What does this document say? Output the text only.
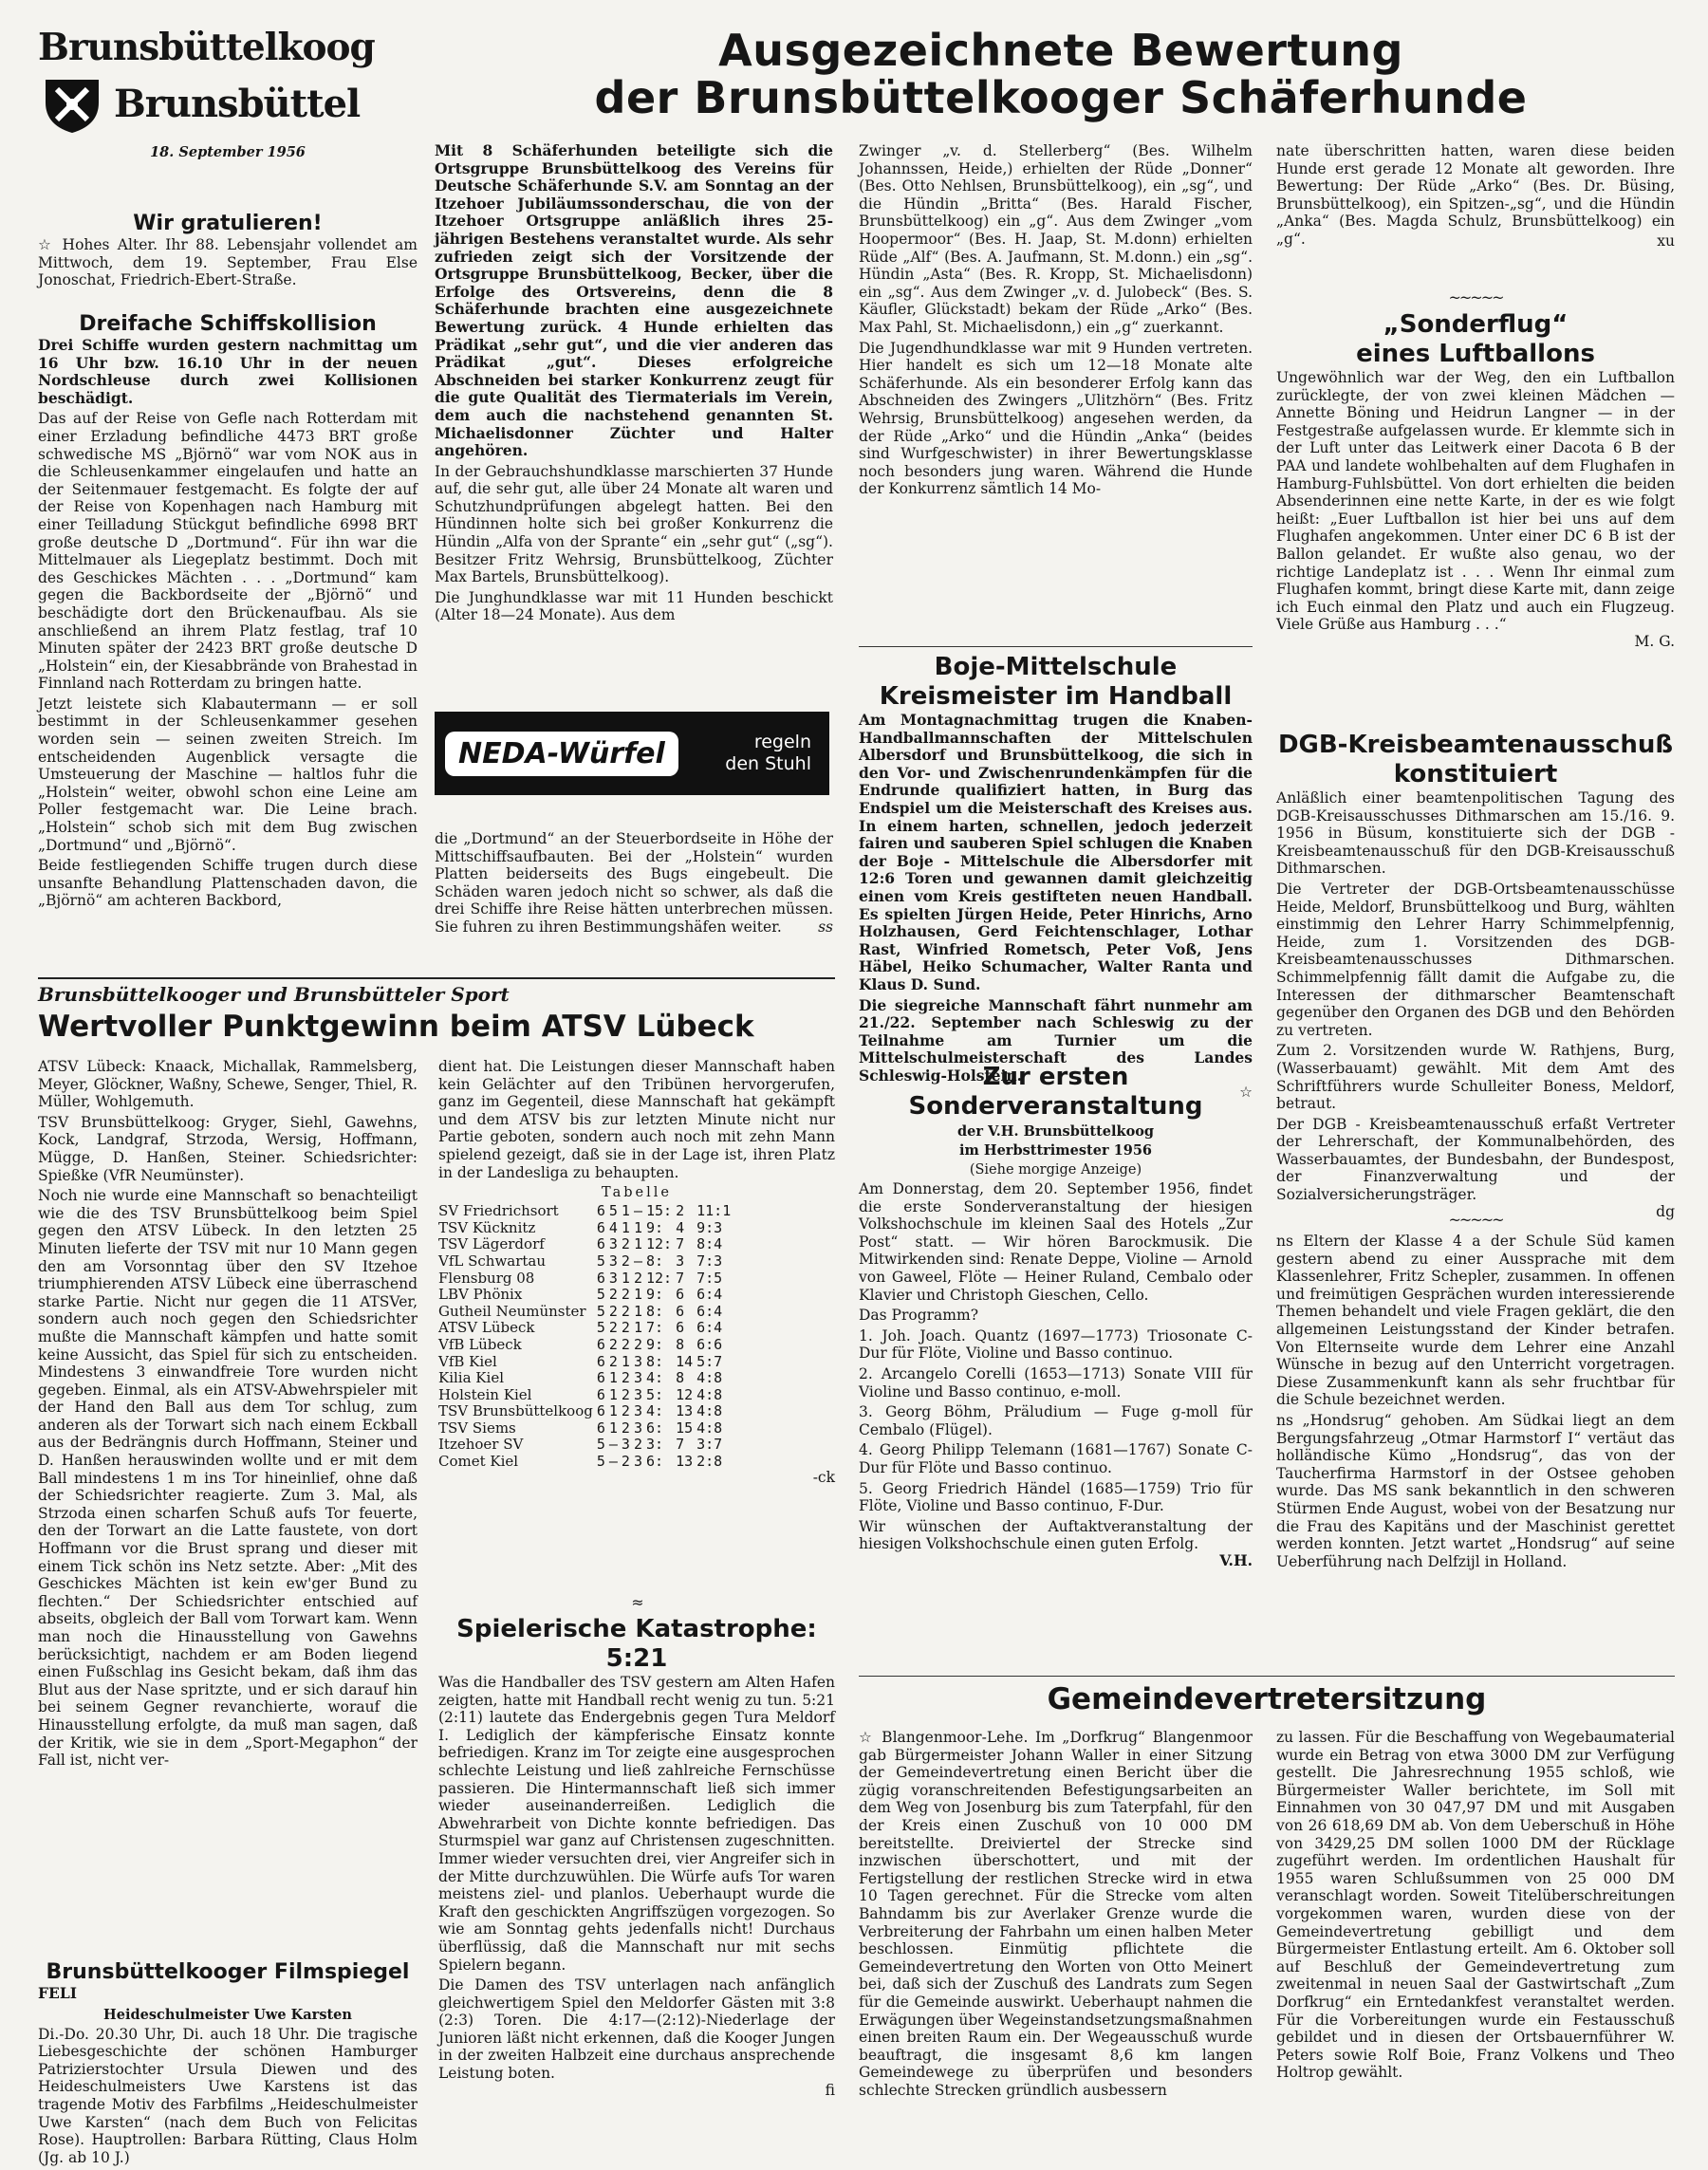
Brunsbüttelkoog
Brunsbüttel
18. September 1956
Wir gratulieren!

☆ Hohes Alter. Ihr 88. Lebensjahr vollendet am Mittwoch, dem 19. September, Frau Else Jonoschat, Friedrich-Ebert-Straße.

Dreifache Schiffskollision

Drei Schiffe wurden gestern nachmittag um 16 Uhr bzw. 16.10 Uhr in der neuen Nordschleuse durch zwei Kollisionen beschädigt.

Das auf der Reise von Gefle nach Rotterdam mit einer Erzladung befindliche 4473 BRT große schwedische MS „Björnö“ war vom NOK aus in die Schleusenkammer eingelaufen und hatte an der Seitenmauer festgemacht. Es folgte der auf der Reise von Kopenhagen nach Hamburg mit einer Teilladung Stückgut befindliche 6998 BRT große deutsche D „Dortmund“. Für ihn war die Mittelmauer als Liegeplatz bestimmt. Doch mit des Geschickes Mächten . . . „Dortmund“ kam gegen die Backbordseite der „Björnö“ und beschädigte dort den Brückenaufbau. Als sie anschließend an ihrem Platz festlag, traf 10 Minuten später der 2423 BRT große deutsche D „Holstein“ ein, der Kiesabbrände von Brahestad in Finnland nach Rotterdam zu bringen hatte.

Jetzt leistete sich Klabautermann — er soll bestimmt in der Schleusenkammer gesehen worden sein — seinen zweiten Streich. Im entscheidenden Augenblick versagte die Umsteuerung der Maschine — haltlos fuhr die „Holstein“ weiter, obwohl schon eine Leine am Poller festgemacht war. Die Leine brach. „Holstein“ schob sich mit dem Bug zwischen „Dortmund“ und „Björnö“.

Beide festliegenden Schiffe trugen durch diese unsanfte Behandlung Plattenschaden davon, die „Björnö“ am achteren Backbord,

Ausgezeichnete Bewertung
der Brunsbüttelkooger Schäferhunde

Mit 8 Schäferhunden beteiligte sich die Ortsgruppe Brunsbüttelkoog des Vereins für Deutsche Schäferhunde S.V. am Sonntag an der Itzehoer Jubiläumssonderschau, die von der Itzehoer Ortsgruppe anläßlich ihres 25-jährigen Bestehens veranstaltet wurde. Als sehr zufrieden zeigt sich der Vorsitzende der Ortsgruppe Brunsbüttelkoog, Becker, über die Erfolge des Ortsvereins, denn die 8 Schäferhunde brachten eine ausgezeichnete Bewertung zurück. 4 Hunde erhielten das Prädikat „sehr gut“, und die vier anderen das Prädikat „gut“. Dieses erfolgreiche Abschneiden bei starker Konkurrenz zeugt für die gute Qualität des Tiermaterials im Verein, dem auch die nachstehend genannten St. Michaelisdonner Züchter und Halter angehören.

In der Gebrauchshundklasse marschierten 37 Hunde auf, die sehr gut, alle über 24 Monate alt waren und Schutzhundprüfungen abgelegt hatten. Bei den Hündinnen holte sich bei großer Konkurrenz die Hündin „Alfa von der Sprante“ ein „sehr gut“ („sg“). Besitzer Fritz Wehrsig, Brunsbüttelkoog, Züchter Max Bartels, Brunsbüttelkoog).

Die Junghundklasse war mit 11 Hunden beschickt (Alter 18—24 Monate). Aus dem

NEDA-Würfel	regeln
den Stuhl

die „Dortmund“ an der Steuerbordseite in Höhe der Mittschiffsaufbauten. Bei der „Holstein“ wurden Platten beiderseits des Bugs eingebeult. Die Schäden waren jedoch nicht so schwer, als daß die drei Schiffe ihre Reise hätten unterbrechen müssen. Sie fuhren zu ihren Bestimmungshäfen weiter.	ss

Zwinger „v. d. Stellerberg“ (Bes. Wilhelm Johannssen, Heide,) erhielten der Rüde „Donner“ (Bes. Otto Nehlsen, Brunsbüttelkoog), ein „sg“, und die Hündin „Britta“ (Bes. Harald Fischer, Brunsbüttelkoog) ein „g“. Aus dem Zwinger „vom Hoopermoor“ (Bes. H. Jaap, St. M.donn) erhielten Rüde „Alf“ (Bes. A. Jaufmann, St. M.donn.) ein „sg“. Hündin „Asta“ (Bes. R. Kropp, St. Michaelisdonn) ein „sg“. Aus dem Zwinger „v. d. Julobeck“ (Bes. S. Käufler, Glückstadt) bekam der Rüde „Arko“ (Bes. Max Pahl, St. Michaelisdonn,) ein „g“ zuerkannt.

Die Jugendhundklasse war mit 9 Hunden vertreten. Hier handelt es sich um 12—18 Monate alte Schäferhunde. Als ein besonderer Erfolg kann das Abschneiden des Zwingers „Ulitzhörn“ (Bes. Fritz Wehrsig, Brunsbüttelkoog) angesehen werden, da der Rüde „Arko“ und die Hündin „Anka“ (beides sind Wurfgeschwister) in ihrer Bewertungsklasse noch besonders jung waren. Während die Hunde der Konkurrenz sämtlich 14 Mo-

nate überschritten hatten, waren diese beiden Hunde erst gerade 12 Monate alt geworden. Ihre Bewertung: Der Rüde „Arko“ (Bes. Dr. Büsing, Brunsbüttelkoog), ein Spitzen-„sg“, und die Hündin „Anka“ (Bes. Magda Schulz, Brunsbüttelkoog) ein „g“.	xu

Boje-Mittelschule
Kreismeister im Handball

Am Montagnachmittag trugen die Knaben-Handballmannschaften der Mittelschulen Albersdorf und Brunsbüttelkoog, die sich in den Vor- und Zwischenrundenkämpfen für die Endrunde qualifiziert hatten, in Burg das Endspiel um die Meisterschaft des Kreises aus. In einem harten, schnellen, jedoch jederzeit fairen und sauberen Spiel schlugen die Knaben der Boje - Mittelschule die Albersdorfer mit 12:6 Toren und gewannen damit gleichzeitig einen vom Kreis gestifteten neuen Handball. Es spielten Jürgen Heide, Peter Hinrichs, Arno Holzhausen, Gerd Feichtenschlager, Lothar Rast, Winfried Rometsch, Peter Voß, Jens Häbel, Heiko Schumacher, Walter Ranta und Klaus D. Sund.

Die siegreiche Mannschaft fährt nunmehr am 21./22. September nach Schleswig zu der Teilnahme am Turnier um die Mittelschulmeisterschaft des Landes Schleswig-Holstein.

☆

~~~~~
„Sonderflug“
eines Luftballons

Ungewöhnlich war der Weg, den ein Luftballon zurücklegte, der von zwei kleinen Mädchen — Annette Böning und Heidrun Langner — in der Festgestraße aufgelassen wurde. Er klemmte sich in der Luft unter das Leitwerk einer Dacota 6 B der PAA und landete wohlbehalten auf dem Flughafen in Hamburg-Fuhlsbüttel. Von dort erhielten die beiden Absenderinnen eine nette Karte, in der es wie folgt heißt: „Euer Luftballon ist hier bei uns auf dem Flughafen angekommen. Unter einer DC 6 B ist der Ballon gelandet. Er wußte also genau, wo der richtige Landeplatz ist . . . Wenn Ihr einmal zum Flughafen kommt, bringt diese Karte mit, dann zeige ich Euch einmal den Platz und auch ein Flugzeug. Viele Grüße aus Hamburg . . .“

M. G.

DGB-Kreisbeamtenausschuß
konstituiert

Anläßlich einer beamtenpolitischen Tagung des DGB-Kreisausschusses Dithmarschen am 15./16. 9. 1956 in Büsum, konstituierte sich der DGB - Kreisbeamtenausschuß für den DGB-Kreisausschuß Dithmarschen.

Die Vertreter der DGB-Ortsbeamtenausschüsse Heide, Meldorf, Brunsbüttelkoog und Burg, wählten einstimmig den Lehrer Harry Schimmelpfennig, Heide, zum 1. Vorsitzenden des DGB-Kreisbeamtenausschusses Dithmarschen. Schimmelpfennig fällt damit die Aufgabe zu, die Interessen der dithmarscher Beamtenschaft gegenüber den Organen des DGB und den Behörden zu vertreten.

Zum 2. Vorsitzenden wurde W. Rathjens, Burg, (Wasserbauamt) gewählt. Mit dem Amt des Schriftführers wurde Schulleiter Boness, Meldorf, betraut.

Der DGB - Kreisbeamtenausschuß erfaßt Vertreter der Lehrerschaft, der Kommunalbehörden, des Wasserbauamtes, der Bundesbahn, der Bundespost, der Finanzverwaltung und der Sozialversicherungsträger.

dg

~~~~~

ns Eltern der Klasse 4 a der Schule Süd kamen gestern abend zu einer Aussprache mit dem Klassenlehrer, Fritz Schepler, zusammen. In offenen und freimütigen Gesprächen wurden interessierende Themen behandelt und viele Fragen geklärt, die den allgemeinen Leistungsstand der Kinder betrafen. Von Elternseite wurde dem Lehrer eine Anzahl Wünsche in bezug auf den Unterricht vorgetragen. Diese Zusammenkunft kann als sehr fruchtbar für die Schule bezeichnet werden.

ns „Hondsrug“ gehoben. Am Südkai liegt an dem Bergungsfahrzeug „Otmar Harmstorf I“ vertäut das holländische Kümo „Hondsrug“, das von der Taucherfirma Harmstorf in der Ostsee gehoben wurde. Das MS sank bekanntlich in den schweren Stürmen Ende August, wobei von der Besatzung nur die Frau des Kapitäns und der Maschinist gerettet werden konnten. Jetzt wartet „Hondsrug“ auf seine Ueberführung nach Delfzijl in Holland.

Brunsbüttelkooger und Brunsbütteler Sport
Wertvoller Punktgewinn beim ATSV Lübeck

ATSV Lübeck: Knaack, Michallak, Rammelsberg, Meyer, Glöckner, Waßny, Schewe, Senger, Thiel, R. Müller, Wohlgemuth.

TSV Brunsbüttelkoog: Gryger, Siehl, Gawehns, Kock, Landgraf, Strzoda, Wersig, Hoffmann, Mügge, D. Hanßen, Steiner. Schiedsrichter: Spießke (VfR Neumünster).

Noch nie wurde eine Mannschaft so benachteiligt wie die des TSV Brunsbüttelkoog beim Spiel gegen den ATSV Lübeck. In den letzten 25 Minuten lieferte der TSV mit nur 10 Mann gegen den am Vorsonntag über den SV Itzehoe triumphierenden ATSV Lübeck eine überraschend starke Partie. Nicht nur gegen die 11 ATSVer, sondern auch noch gegen den Schiedsrichter mußte die Mannschaft kämpfen und hatte somit keine Aussicht, das Spiel für sich zu entscheiden. Mindestens 3 einwandfreie Tore wurden nicht gegeben. Einmal, als ein ATSV-Abwehrspieler mit der Hand den Ball aus dem Tor schlug, zum anderen als der Torwart sich nach einem Eckball aus der Bedrängnis durch Hoffmann, Steiner und D. Hanßen herauswinden wollte und er mit dem Ball mindestens 1 m ins Tor hineinlief, ohne daß der Schiedsrichter reagierte. Zum 3. Mal, als Strzoda einen scharfen Schuß aufs Tor feuerte, den der Torwart an die Latte faustete, von dort Hoffmann vor die Brust sprang und dieser mit einem Tick schön ins Netz setzte. Aber: „Mit des Geschickes Mächten ist kein ew'ger Bund zu flechten.“ Der Schiedsrichter entschied auf abseits, obgleich der Ball vom Torwart kam. Wenn man noch die Hinausstellung von Gawehns berücksichtigt, nachdem er am Boden liegend einen Fußschlag ins Gesicht bekam, daß ihm das Blut aus der Nase spritzte, und er sich darauf hin bei seinem Gegner revanchierte, worauf die Hinausstellung erfolgte, da muß man sagen, daß der Kritik, wie sie in dem „Sport-Megaphon“ der Fall ist, nicht ver-

dient hat. Die Leistungen dieser Mannschaft haben kein Gelächter auf den Tribünen hervorgerufen, ganz im Gegenteil, diese Mannschaft hat gekämpft und dem ATSV bis zur letzten Minute nicht nur Partie geboten, sondern auch noch mit zehn Mann spielend gezeigt, daß sie in der Lage ist, ihren Platz in der Landesliga zu behaupten.

Tabelle
SV Friedrichsort	6	5	1	—	15:	2	11:1
TSV Kücknitz	6	4	1	1	9:	4	9:3
TSV Lägerdorf	6	3	2	1	12:	7	8:4
VfL Schwartau	5	3	2	—	8:	3	7:3
Flensburg 08	6	3	1	2	12:	7	7:5
LBV Phönix	5	2	2	1	9:	6	6:4
Gutheil Neumünster	5	2	2	1	8:	6	6:4
ATSV Lübeck	5	2	2	1	7:	6	6:4
VfB Lübeck	6	2	2	2	9:	8	6:6
VfB Kiel	6	2	1	3	8:	14	5:7
Kilia Kiel	6	1	2	3	4:	8	4:8
Holstein Kiel	6	1	2	3	5:	12	4:8
TSV Brunsbüttelkoog	6	1	2	3	4:	13	4:8
TSV Siems	6	1	2	3	6:	15	4:8
Itzehoer SV	5	—	3	2	3:	7	3:7
Comet Kiel	5	—	2	3	6:	13	2:8
-ck
≈
Spielerische Katastrophe: 5:21

Was die Handballer des TSV gestern am Alten Hafen zeigten, hatte mit Handball recht wenig zu tun. 5:21 (2:11) lautete das Endergebnis gegen Tura Meldorf I. Lediglich der kämpferische Einsatz konnte befriedigen. Kranz im Tor zeigte eine ausgesprochen schlechte Leistung und ließ zahlreiche Fernschüsse passieren. Die Hintermannschaft ließ sich immer wieder auseinanderreißen. Lediglich die Abwehrarbeit von Dichte konnte befriedigen. Das Sturmspiel war ganz auf Christensen zugeschnitten. Immer wieder versuchten drei, vier Angreifer sich in der Mitte durchzuwühlen. Die Würfe aufs Tor waren meistens ziel- und planlos. Ueberhaupt wurde die Kraft den geschickten Angriffszügen vorgezogen. So wie am Sonntag gehts jedenfalls nicht! Durchaus überflüssig, daß die Mannschaft nur mit sechs Spielern begann.

Die Damen des TSV unterlagen nach anfänglich gleichwertigem Spiel den Meldorfer Gästen mit 3:8 (2:3) Toren. Die 4:17—(2:12)-Niederlage der Junioren läßt nicht erkennen, daß die Kooger Jungen in der zweiten Halbzeit eine durchaus ansprechende Leistung boten.

fi

Brunsbüttelkooger Filmspiegel
FELI
Heideschulmeister Uwe Karsten

Di.-Do. 20.30 Uhr, Di. auch 18 Uhr. Die tragische Liebesgeschichte der schönen Hamburger Patrizierstochter Ursula Diewen und des Heideschulmeisters Uwe Karstens ist das tragende Motiv des Farbfilms „Heideschulmeister Uwe Karsten“ (nach dem Buch von Felicitas Rose). Hauptrollen: Barbara Rütting, Claus Holm (Jg. ab 10 J.)

Zur ersten
Sonderveranstaltung
der V.H. Brunsbüttelkoog
im Herbsttrimester 1956
(Siehe morgige Anzeige)

Am Donnerstag, dem 20. September 1956, findet die erste Sonderveranstaltung der hiesigen Volkshochschule im kleinen Saal des Hotels „Zur Post“ statt. — Wir hören Barockmusik. Die Mitwirkenden sind: Renate Deppe, Violine — Arnold von Gaweel, Flöte — Heiner Ruland, Cembalo oder Klavier und Christoph Gieschen, Cello.

Das Programm?

1. Joh. Joach. Quantz (1697—1773) Triosonate C-Dur für Flöte, Violine und Basso continuo.

2. Arcangelo Corelli (1653—1713) Sonate VIII für Violine und Basso continuo, e-moll.

3. Georg Böhm, Präludium — Fuge g-moll für Cembalo (Flügel).

4. Georg Philipp Telemann (1681—1767) Sonate C-Dur für Flöte und Basso continuo.

5. Georg Friedrich Händel (1685—1759) Trio für Flöte, Violine und Basso continuo, F-Dur.

Wir wünschen der Auftaktveranstaltung der hiesigen Volkshochschule einen guten Erfolg.

V.H.

Gemeindevertretersitzung

☆ Blangenmoor-Lehe. Im „Dorfkrug“ Blangenmoor gab Bürgermeister Johann Waller in einer Sitzung der Gemeindevertretung einen Bericht über die zügig voranschreitenden Befestigungsarbeiten an dem Weg von Josenburg bis zum Taterpfahl, für den der Kreis einen Zuschuß von 10 000 DM bereitstellte. Dreiviertel der Strecke sind inzwischen überschottert, und mit der Fertigstellung der restlichen Strecke wird in etwa 10 Tagen gerechnet. Für die Strecke vom alten Bahndamm bis zur Averlaker Grenze wurde die Verbreiterung der Fahrbahn um einen halben Meter beschlossen. Einmütig pflichtete die Gemeindevertretung den Worten von Otto Meinert bei, daß sich der Zuschuß des Landrats zum Segen für die Gemeinde auswirkt. Ueberhaupt nahmen die Erwägungen über Wegeinstandsetzungsmaßnahmen einen breiten Raum ein. Der Wegeausschuß wurde beauftragt, die insgesamt 8,6 km langen Gemeindewege zu überprüfen und besonders schlechte Strecken gründlich ausbessern

zu lassen. Für die Beschaffung von Wegebaumaterial wurde ein Betrag von etwa 3000 DM zur Verfügung gestellt. Die Jahresrechnung 1955 schloß, wie Bürgermeister Waller berichtete, im Soll mit Einnahmen von 30 047,97 DM und mit Ausgaben von 26 618,69 DM ab. Von dem Ueberschuß in Höhe von 3429,25 DM sollen 1000 DM der Rücklage zugeführt werden. Im ordentlichen Haushalt für 1955 waren Schlußsummen von 25 000 DM veranschlagt worden. Soweit Titelüberschreitungen vorgekommen waren, wurden diese von der Gemeindevertretung gebilligt und dem Bürgermeister Entlastung erteilt. Am 6. Oktober soll auf Beschluß der Gemeindevertretung zum zweitenmal in neuen Saal der Gastwirtschaft „Zum Dorfkrug“ ein Erntedankfest veranstaltet werden. Für die Vorbereitungen wurde ein Festausschuß gebildet und in diesen der Ortsbauernführer W. Peters sowie Rolf Boie, Franz Volkens und Theo Holtrop gewählt.
